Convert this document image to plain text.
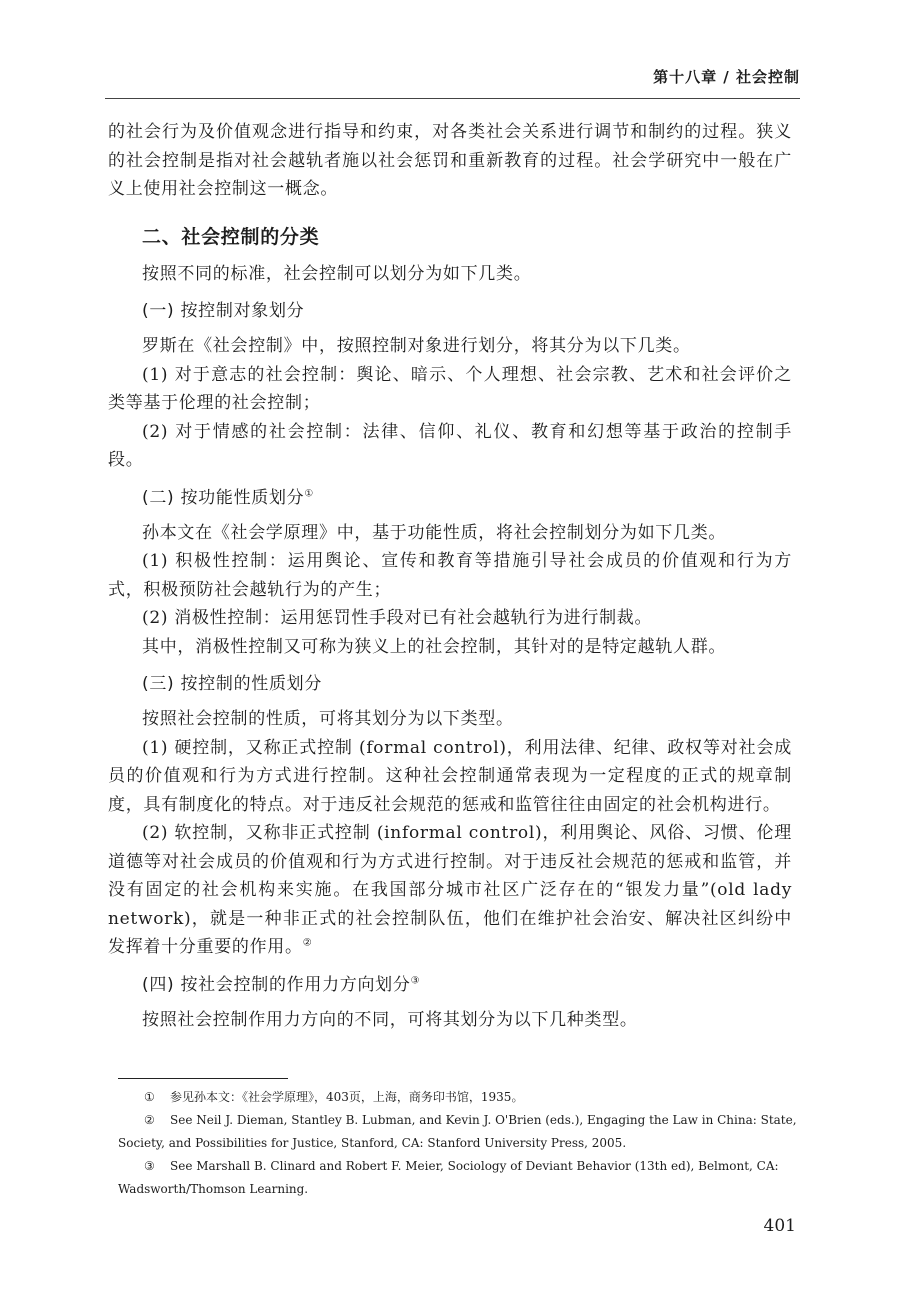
第十八章 / 社会控制

的社会行为及价值观念进行指导和约束，对各类社会关系进行调节和制约的过程。狭义的社会控制是指对社会越轨者施以社会惩罚和重新教育的过程。社会学研究中一般在广义上使用社会控制这一概念。

二、社会控制的分类

按照不同的标准，社会控制可以划分为如下几类。

(一) 按控制对象划分

罗斯在《社会控制》中，按照控制对象进行划分，将其分为以下几类。

(1) 对于意志的社会控制：舆论、暗示、个人理想、社会宗教、艺术和社会评价之类等基于伦理的社会控制；

(2) 对于情感的社会控制：法律、信仰、礼仪、教育和幻想等基于政治的控制手段。

(二) 按功能性质划分①

孙本文在《社会学原理》中，基于功能性质，将社会控制划分为如下几类。

(1) 积极性控制：运用舆论、宣传和教育等措施引导社会成员的价值观和行为方式，积极预防社会越轨行为的产生；

(2) 消极性控制：运用惩罚性手段对已有社会越轨行为进行制裁。

其中，消极性控制又可称为狭义上的社会控制，其针对的是特定越轨人群。

(三) 按控制的性质划分

按照社会控制的性质，可将其划分为以下类型。

(1) 硬控制，又称正式控制 (formal control)，利用法律、纪律、政权等对社会成员的价值观和行为方式进行控制。这种社会控制通常表现为一定程度的正式的规章制度，具有制度化的特点。对于违反社会规范的惩戒和监管往往由固定的社会机构进行。

(2) 软控制，又称非正式控制 (informal control)，利用舆论、风俗、习惯、伦理道德等对社会成员的价值观和行为方式进行控制。对于违反社会规范的惩戒和监管，并没有固定的社会机构来实施。在我国部分城市社区广泛存在的“银发力量”(old lady network)，就是一种非正式的社会控制队伍，他们在维护社会治安、解决社区纠纷中发挥着十分重要的作用。②

(四) 按社会控制的作用力方向划分③

按照社会控制作用力方向的不同，可将其划分为以下几种类型。

① 参见孙本文：《社会学原理》，403页，上海，商务印书馆，1935。

② See Neil J. Dieman, Stantley B. Lubman, and Kevin J. O'Brien (eds.), Engaging the Law in China: State, Society, and Possibilities for Justice, Stanford, CA: Stanford University Press, 2005.

③ See Marshall B. Clinard and Robert F. Meier, Sociology of Deviant Behavior (13th ed), Belmont, CA: Wadsworth/Thomson Learning.

401
